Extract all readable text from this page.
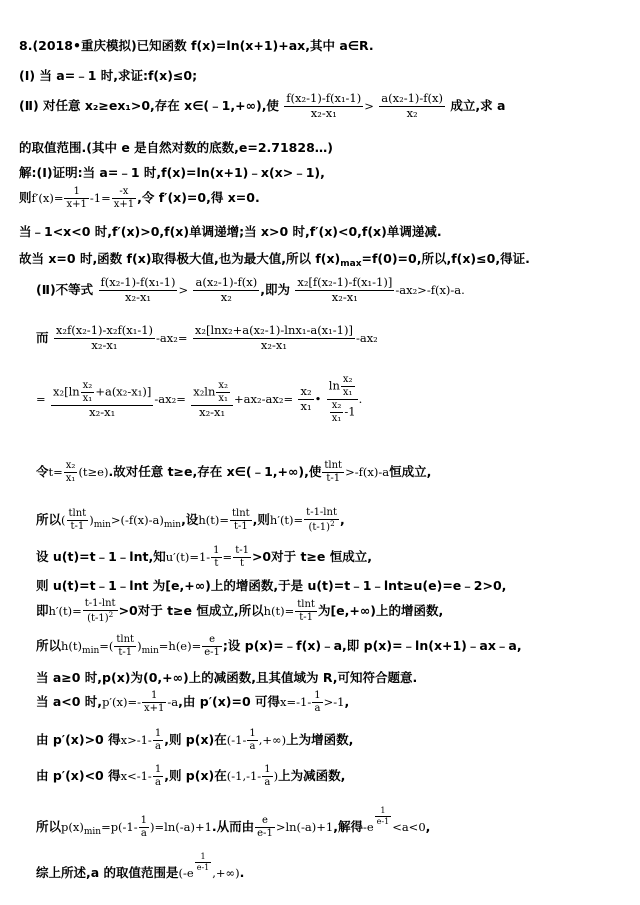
8.(2018•重庆模拟)已知函数 f(x)=ln(x+1)+ax,其中 a∈R.
(Ⅰ) 当 a=﹣1 时,求证:f(x)≤0;
(Ⅱ) 对任意 x₂≥ex₁>0,存在 x∈(﹣1,+∞),使 $\frac{\text{f(x₂-1)-f(x₁-1)}}{\text{x₂-x₁}} > \frac{\text{a(x₂-1)-f(x)}}{\text{x₂}}$ 成立,求 a
的取值范围.(其中 e 是自然对数的底数,e=2.71828…)
解:(Ⅰ)证明:当 a=﹣1 时,f(x)=ln(x+1)﹣x(x>﹣1),
则$f'(x)= \frac{1}{x+1} -1= \frac{-x}{x+1}$ ,令 f′(x)=0,得 x=0.
当﹣1<x<0 时,f′(x)>0,f(x)单调递增;当 x>0 时,f′(x)<0,f(x)单调递减.
故当 x=0 时,函数 f(x)取得极大值,也为最大值,所以 $f(x)_{max}=f(0)=0$,所以,f(x)≤0,得证.
(Ⅱ)不等式 $\frac{\text{f(x₂-1)-f(x₁-1)}}{\text{x₂-x₁}} > \frac{\text{a(x₂-1)-f(x)}}{\text{x₂}}$ ,即为 $\frac{\text{x₂[f(x₂-1)-f(x₁-1)]}}{\text{x₂-x₁}} -ax_2>-f(x)-a$.
而 $\frac{\text{x₂f(x₂-1)-x₂f(x₁-1)}}{\text{x₂-x₁}} -ax_2= \frac{\text{x₂[lnx₂+a(x₂-1)-lnx₁-a(x₁-1)]}}{\text{x₂-x₁}} -ax_2$
= $\frac{x_2[\ln \frac{\text{x₂}}{\text{x₁}} +a(x_2-x_1)]}{\text{x₂-x₁}} -ax_2= \frac{x_2\ln \frac{\text{x₂}}{\text{x₁}}}{\text{x₂-x₁}} +ax_2-ax_2= \frac{\text{x₂}}{\text{x₁}}$ • $\frac{\ln \frac{\text{x₂}}{\text{x₁}}}{\frac{\text{x₂}}{\text{x₁}} -1}$ .
令$t= \frac{\text{x₂}}{\text{x₁}} (t\ge e)$.故对任意 t≥e,存在 x∈(﹣1,+∞),使 $\frac{tlnt}{t-1} >-f(x)-a$恒成立,
所以( $\frac{tlnt}{t-1} )_{min}>(-f(x)-a)_{min}$,设$h(t)= \frac{tlnt}{t-1}$ ,则$h'(t)= \frac{t-1-\ln t}{(t-1)^2}$ ,
设 u(t)=t﹣1﹣lnt,知$u'(t)=1- \frac{1}{t} = \frac{t-1}{t} >0$对于 t≥e 恒成立,
则 u(t)=t﹣1﹣lnt 为[e,+∞)上的增函数,于是 u(t)=t﹣1﹣lnt≥u(e)=e﹣2>0,
即$h'(t)= \frac{t-1-\ln t}{(t-1)^2} >0$对于 t≥e 恒成立,所以$h(t)= \frac{tlnt}{t-1}$ 为[e,+∞)上的增函数,
所以$h(t)_{min}=( \frac{tlnt}{t-1} )_{min}=h(e)= \frac{e}{e-1}$ ;设 p(x)=﹣f(x)﹣a,即 p(x)=﹣ln(x+1)﹣ax﹣a,
当 a≥0 时,p(x)为(0,+∞)上的减函数,且其值域为 R,可知符合题意.
当 a<0 时$,p'(x)=- \frac{1}{x+1} -a$,由 p′(x)=0 可得$x=-1- \frac{1}{a} >-1$,
由 p′(x)>0 得$x>-1- \frac{1}{a}$ ,则 p(x)在($-1- \frac{1}{a}$ ,+∞)上为增函数,
由 p′(x)<0 得$x<-1- \frac{1}{a}$ ,则 p(x)在($-1,-1- \frac{1}{a}$ )上为减函数,
所以$p(x)_{min}=p(-1- \frac{1}{a} )=\ln(-a)+1$.从而由 $\frac{e}{e-1} >\ln(-a)+1$,解得-e
$\frac{1}{e-1}$
<a<0,
综上所述,a 的取值范围是(-e
$\frac{1}{e-1}$
,+∞).
